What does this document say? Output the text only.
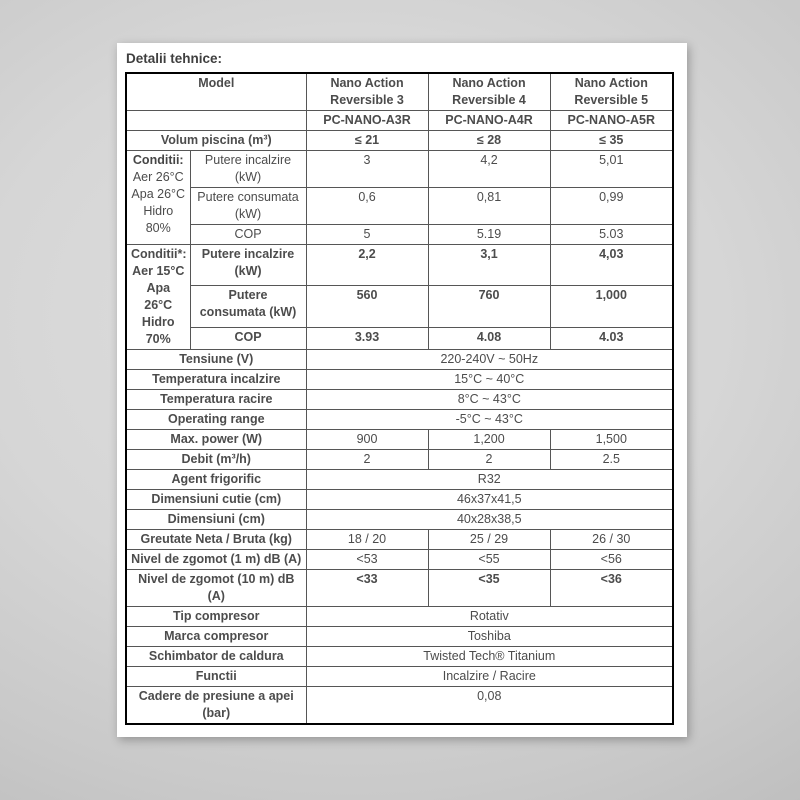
Detalii tehnice:
Model		Nano Action Reversible 3	Nano Action Reversible 4	Nano Action Reversible 5
		PC-NANO-A3R	PC-NANO-A4R	PC-NANO-A5R
Volum piscina (m³)		≤ 21	≤ 28	≤ 35
Conditii: Aer 26°C Apa 26°C Hidro 80%	Putere incalzire (kW)	3	4,2	5,01
	Putere consumata (kW)	0,6	0,81	0,99
	COP	5	5.19	5.03
Conditii*: Aer 15°C Apa 26°C Hidro 70%	Putere incalzire (kW)	2,2	3,1	4,03
	Putere consumata (kW)	560	760	1,000
	COP	3.93	4.08	4.03
Tensiune (V)		220-240V ~ 50Hz		
Temperatura incalzire		15°C ~ 40°C		
Temperatura racire		8°C ~ 43°C		
Operating range		-5°C ~ 43°C		
Max. power (W)		900	1,200	1,500
Debit (m³/h)		2	2	2.5
Agent frigorific		R32		
Dimensiuni cutie (cm)		46x37x41,5		
Dimensiuni (cm)		40x28x38,5		
Greutate Neta / Bruta (kg)		18 / 20	25 / 29	26 / 30
Nivel de zgomot (1 m) dB (A)		<53	<55	<56
Nivel de zgomot (10 m) dB (A)		<33	<35	<36
Tip compresor		Rotativ		
Marca compresor		Toshiba		
Schimbator de caldura		Twisted Tech® Titanium		
Functii		Incalzire / Racire		
Cadere de presiune a apei (bar)		0,08		
